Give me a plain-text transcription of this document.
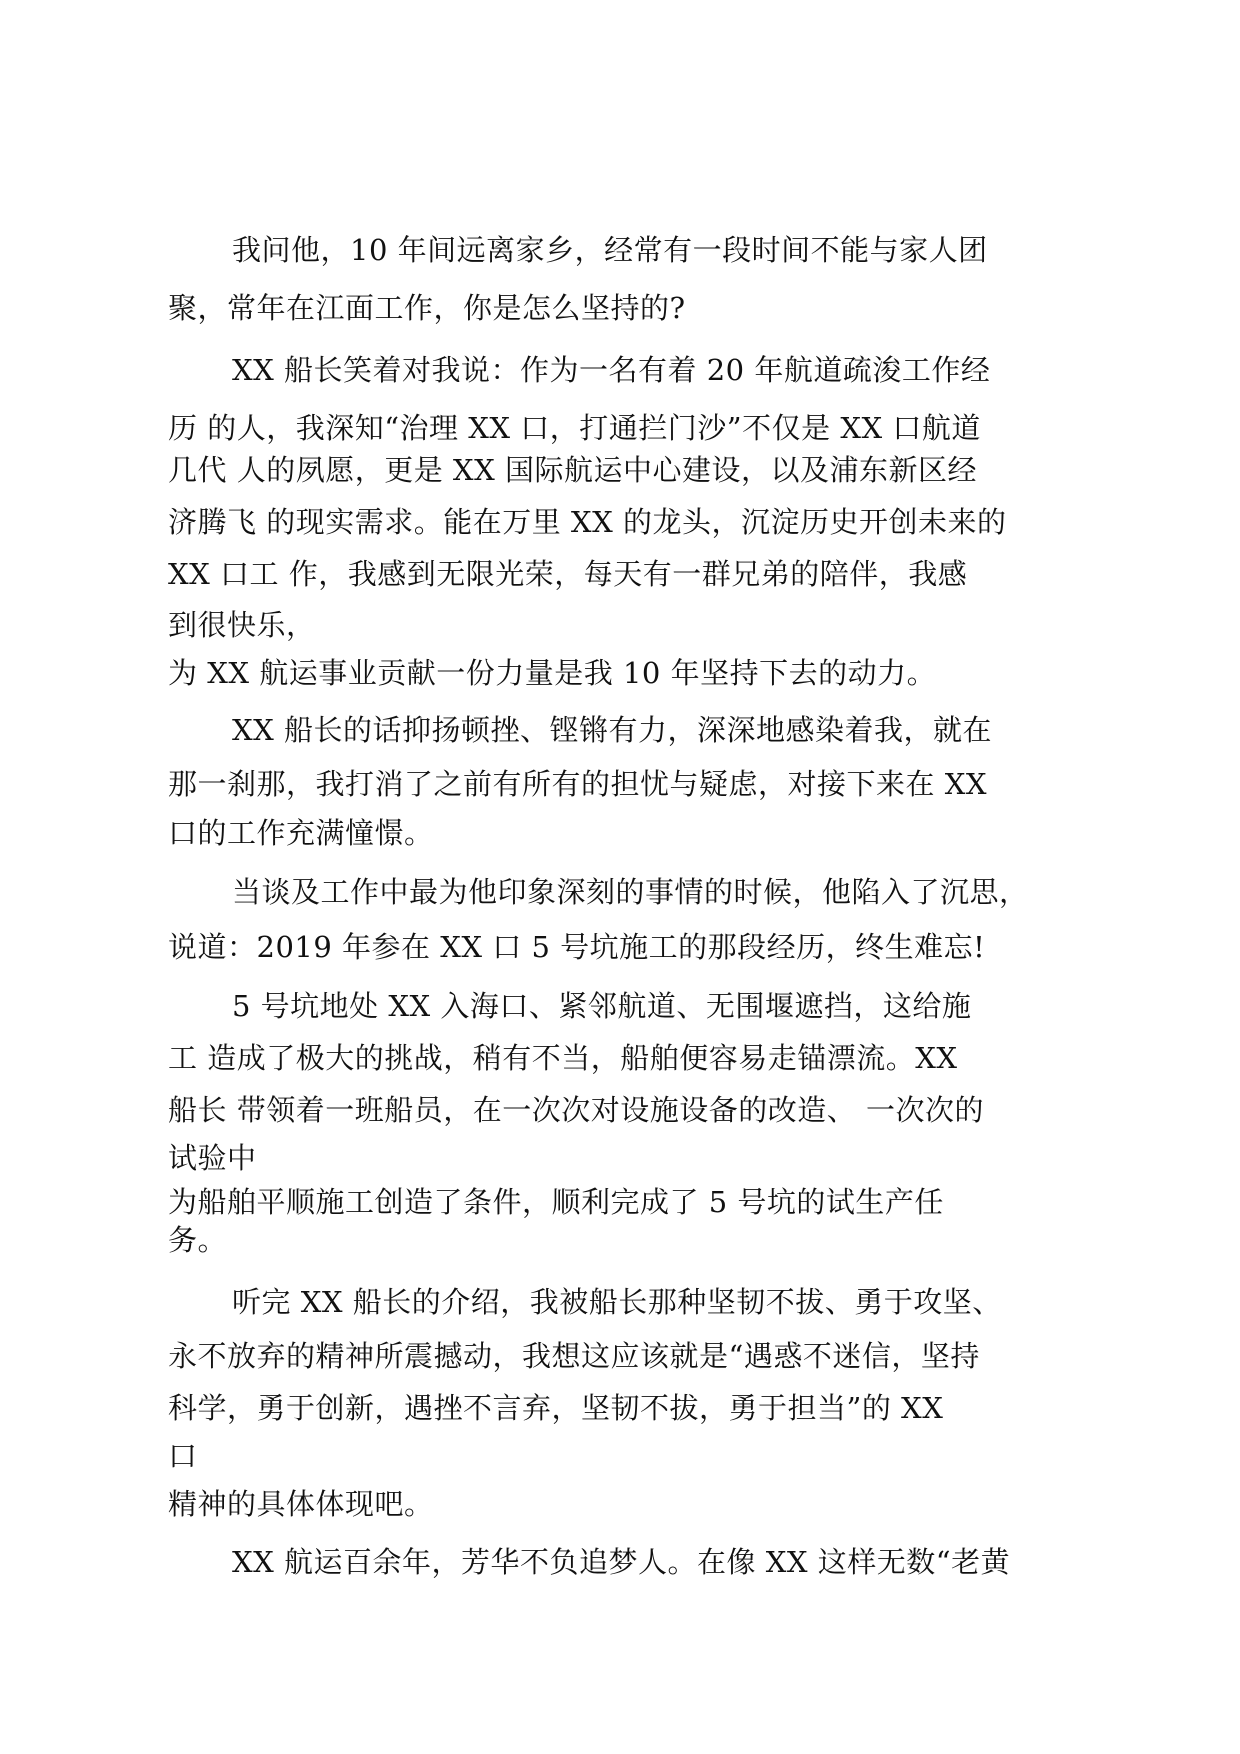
我问他，10 年间远离家乡，经常有一段时间不能与家人团
聚，常年在江面工作，你是怎么坚持的?
XX 船长笑着对我说：作为一名有着 20 年航道疏浚工作经
历 的人，我深知“治理 XX 口，打通拦门沙”不仅是 XX 口航道
几代 人的夙愿，更是 XX 国际航运中心建设，以及浦东新区经
济腾飞 的现实需求。能在万里 XX 的龙头，沉淀历史开创未来的
XX 口工 作，我感到无限光荣，每天有一群兄弟的陪伴，我感
到很快乐，
为 XX 航运事业贡献一份力量是我 10 年坚持下去的动力。
XX 船长的话抑扬顿挫、铿锵有力，深深地感染着我，就在
那一刹那，我打消了之前有所有的担忧与疑虑，对接下来在 XX
口的工作充满憧憬。
当谈及工作中最为他印象深刻的事情的时候，他陷入了沉思，
说道：2019 年参在 XX 口 5 号坑施工的那段经历，终生难忘!
5 号坑地处 XX 入海口、紧邻航道、无围堰遮挡，这给施
工 造成了极大的挑战，稍有不当，船舶便容易走锚漂流。XX
船长 带领着一班船员，在一次次对设施设备的改造、 一次次的
试验中
为船舶平顺施工创造了条件，顺利完成了 5 号坑的试生产任
务。
听完 XX 船长的介绍，我被船长那种坚韧不拔、勇于攻坚、
永不放弃的精神所震撼动，我想这应该就是“遇惑不迷信，坚持
科学，勇于创新，遇挫不言弃，坚韧不拔，勇于担当”的 XX
口
精神的具体体现吧。
XX 航运百余年，芳华不负追梦人。在像 XX 这样无数“老黄
